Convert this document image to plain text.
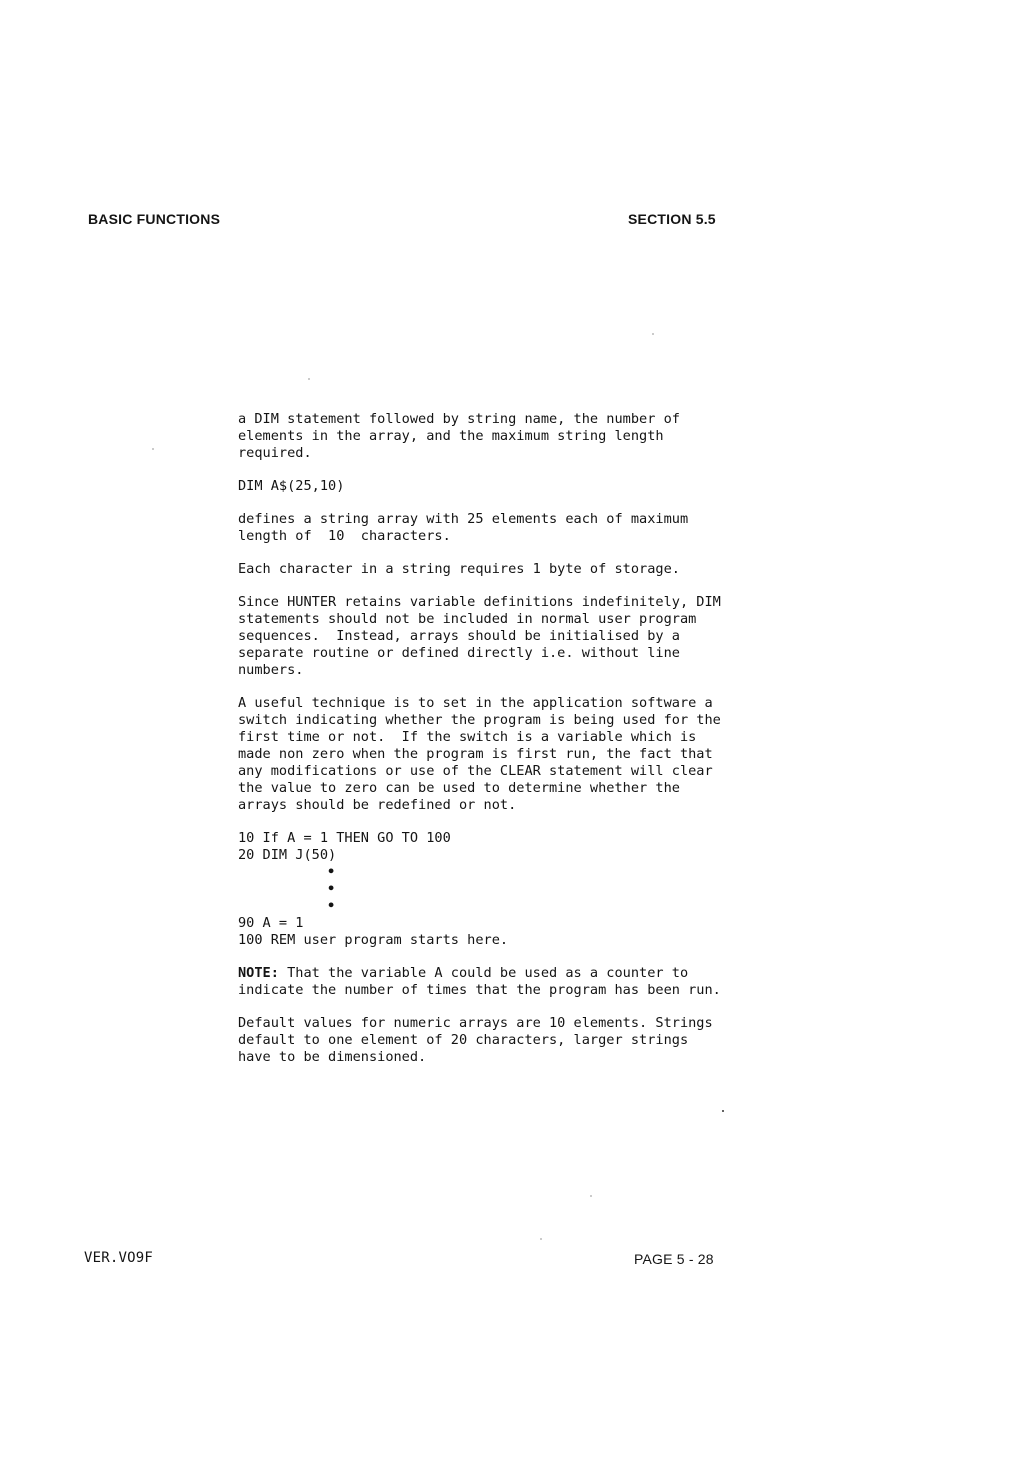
BASIC FUNCTIONS	SECTION 5.5

a DIM statement followed by string name, the number of
elements in the array, and the maximum string length
required.

DIM A$(25,10)

defines a string array with 25 elements each of maximum
length of  10  characters.

Each character in a string requires 1 byte of storage.

Since HUNTER retains variable definitions indefinitely, DIM
statements should not be included in normal user program
sequences.  Instead, arrays should be initialised by a
separate routine or defined directly i.e. without line
numbers.

A useful technique is to set in the application software a
switch indicating whether the program is being used for the
first time or not.  If the switch is a variable which is
made non zero when the program is first run, the fact that
any modifications or use of the CLEAR statement will clear
the value to zero can be used to determine whether the
arrays should be redefined or not.

10 If A = 1 THEN GO TO 100

20 DIM J(50)

•
•
•

90 A = 1

100 REM user program starts here.

NOTE: That the variable A could be used as a counter to
indicate the number of times that the program has been run.

Default values for numeric arrays are 10 elements. Strings
default to one element of 20 characters, larger strings
have to be dimensioned.

VER.VO9F	PAGE 5 - 28
